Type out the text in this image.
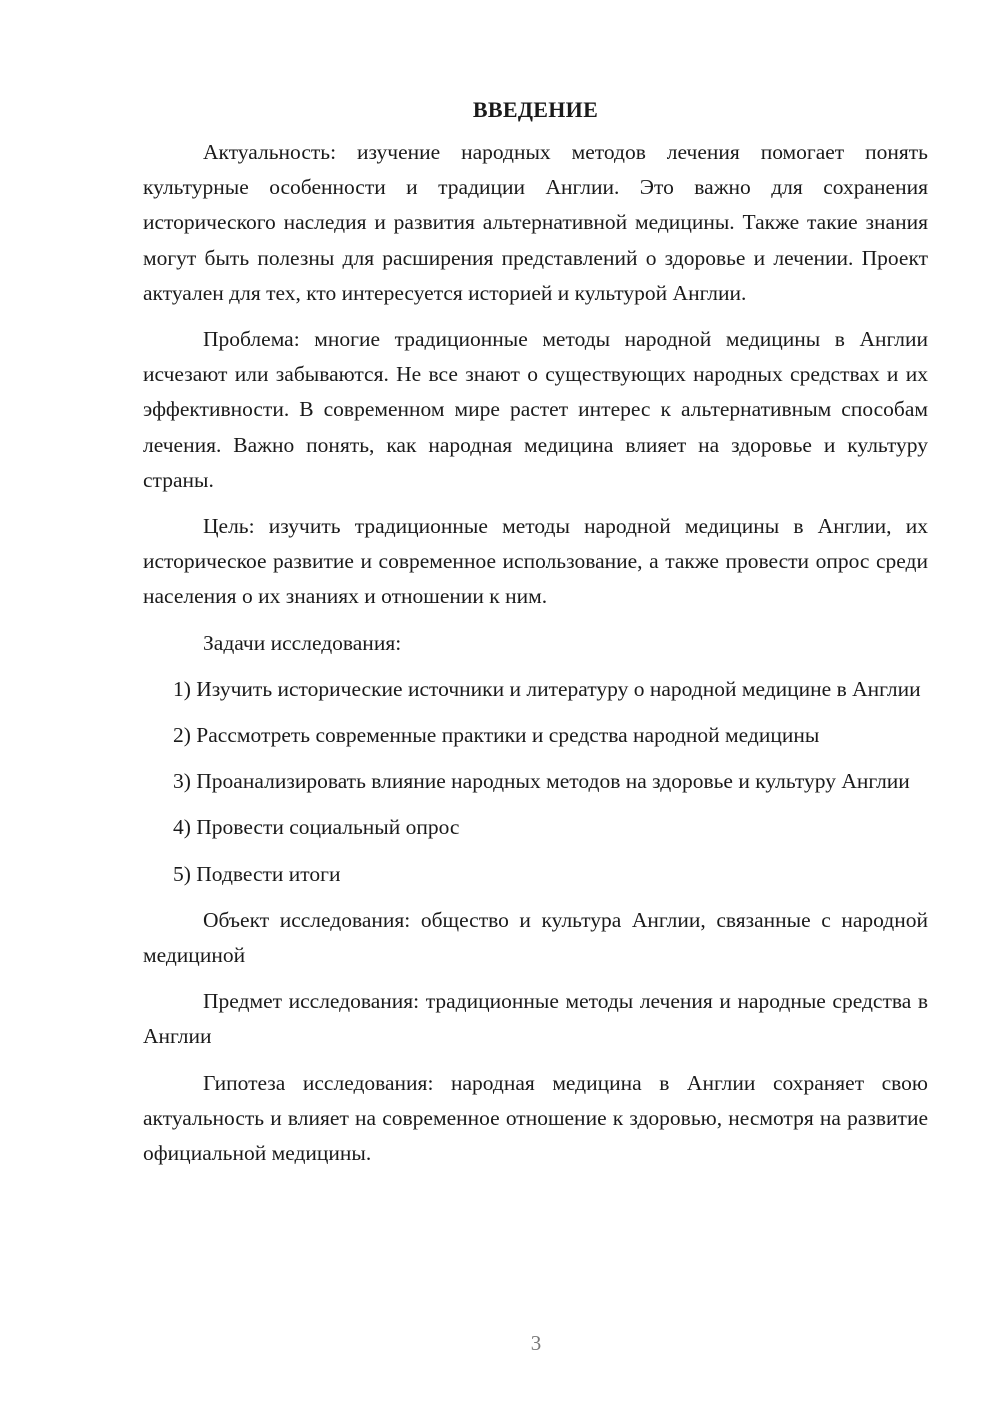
ВВЕДЕНИЕ

Актуальность: изучение народных методов лечения помогает понять культурные особенности и традиции Англии. Это важно для сохранения исторического наследия и развития альтернативной медицины. Также такие знания могут быть полезны для расширения представлений о здоровье и лечении. Проект актуален для тех, кто интересуется историей и культурой Англии.

Проблема: многие традиционные методы народной медицины в Англии исчезают или забываются. Не все знают о существующих народных средствах и их эффективности. В современном мире растет интерес к альтернативным способам лечения. Важно понять, как народная медицина влияет на здоровье и культуру страны.

Цель: изучить традиционные методы народной медицины в Англии, их историческое развитие и современное использование, а также провести опрос среди населения о их знаниях и отношении к ним.

Задачи исследования:

1) Изучить исторические источники и литературу о народной медицине в Англии

2) Рассмотреть современные практики и средства народной медицины

3) Проанализировать влияние народных методов на здоровье и культуру Англии

4) Провести социальный опрос

5) Подвести итоги

Объект исследования: общество и культура Англии, связанные с народной медициной

Предмет исследования: традиционные методы лечения и народные средства в Англии

Гипотеза исследования: народная медицина в Англии сохраняет свою актуальность и влияет на современное отношение к здоровью, несмотря на развитие официальной медицины.

3
